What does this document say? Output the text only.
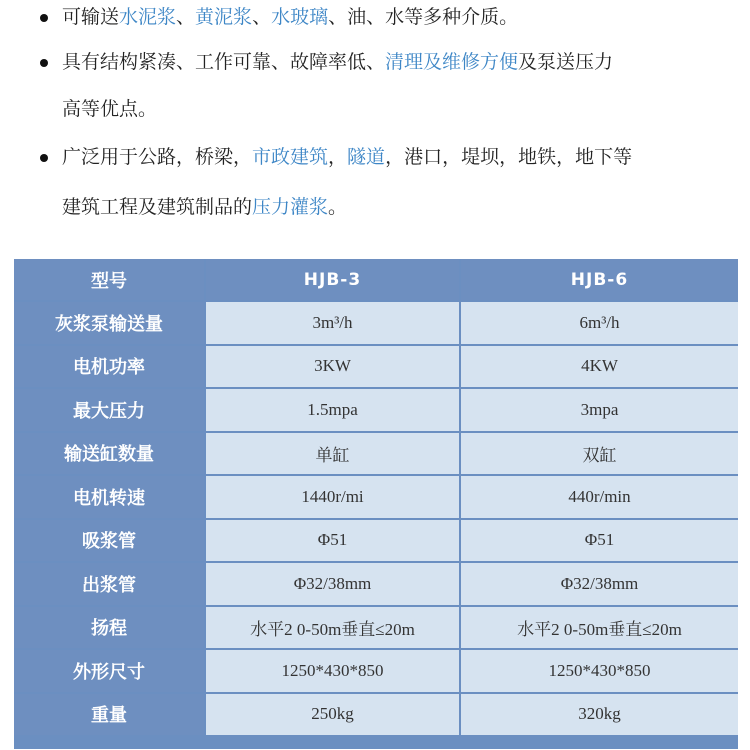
可输送水泥浆、黄泥浆、水玻璃、油、水等多种介质。
具有结构紧凑、工作可靠、故障率低、清理及维修方便及泵送压力
高等优点。
广泛用于公路，桥梁，市政建筑，隧道，港口，堤坝，地铁，地下等
建筑工程及建筑制品的压力灌浆。
型号	HJB-3	HJB-6
灰浆泵输送量	3m³/h	6m³/h
电机功率	3KW	4KW
最大压力	1.5mpa	3mpa
输送缸数量	单缸	双缸
电机转速	1440r/mi	440r/min
吸浆管	Φ51	Φ51
出浆管	Φ32/38mm	Φ32/38mm
扬程	水平2 0-50m垂直≤20m	水平2 0-50m垂直≤20m
外形尺寸	1250*430*850	1250*430*850
重量	250kg	320kg
